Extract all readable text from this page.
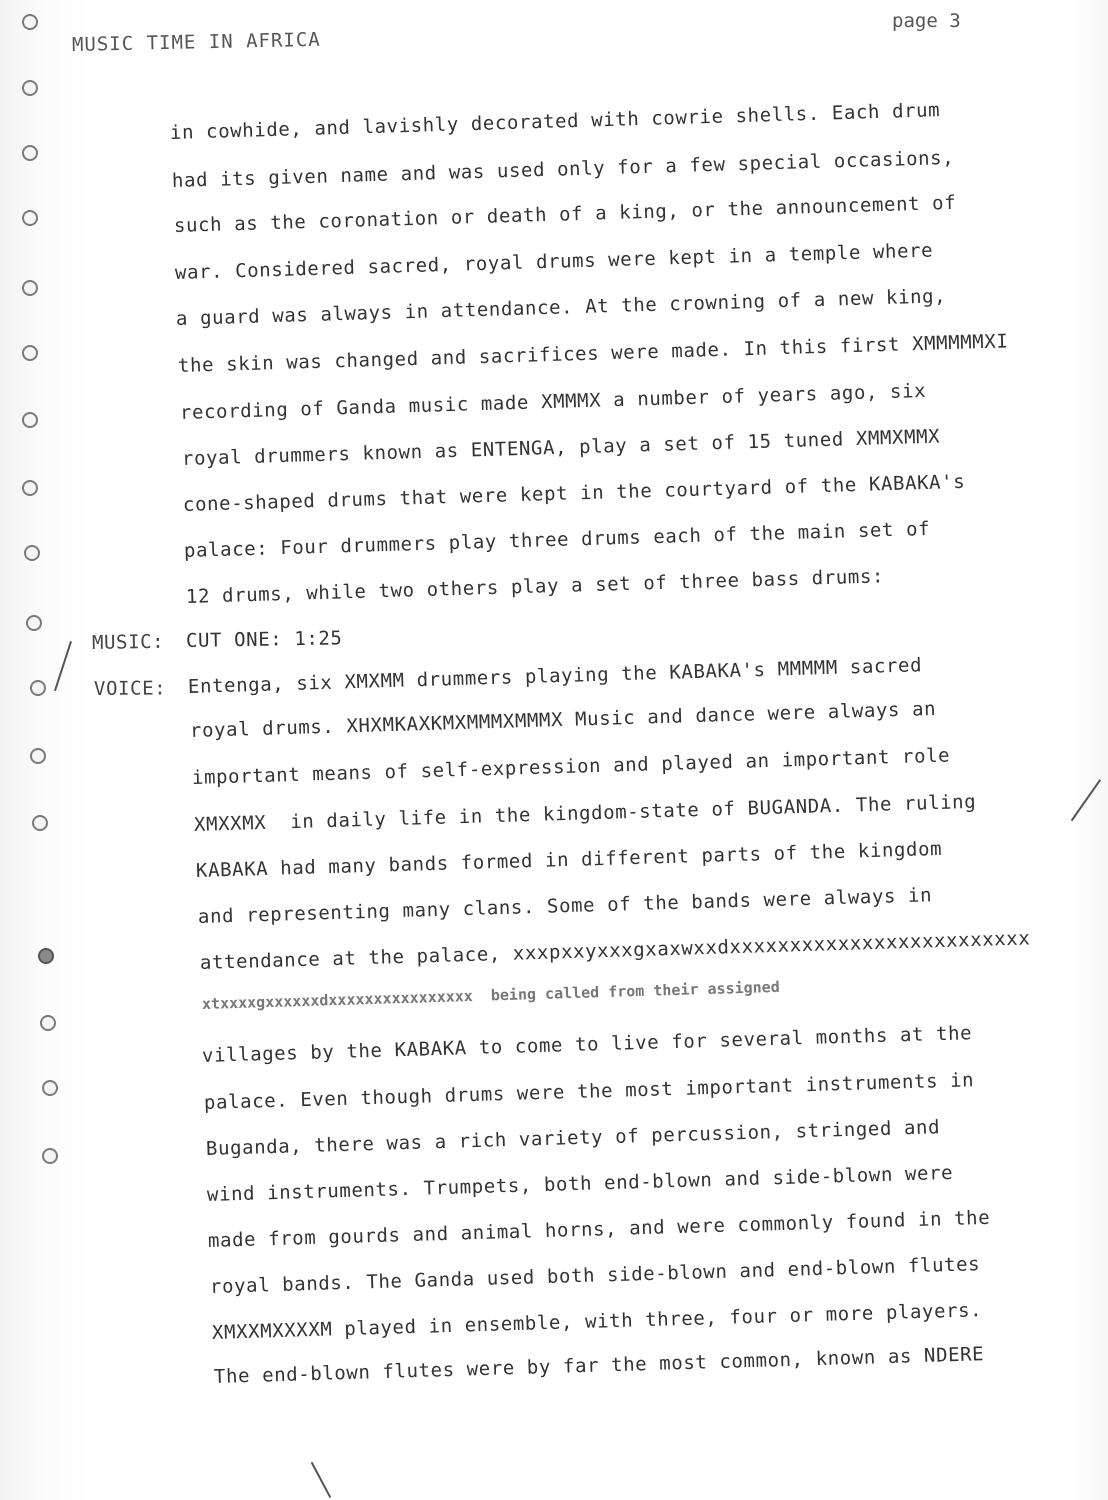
MUSIC TIME IN AFRICA
page 3
in cowhide, and lavishly decorated with cowrie shells. Each drum
had its given name and was used only for a few special occasions,
such as the coronation or death of a king, or the announcement of
war. Considered sacred, royal drums were kept in a temple where
a guard was always in attendance. At the crowning of a new king,
the skin was changed and sacrifices were made. In this first XMMMMMXI
recording of Ganda music made XMMMX a number of years ago, six
royal drummers known as ENTENGA, play a set of 15 tuned XMMXMMX
cone-shaped drums that were kept in the courtyard of the KABAKA's
palace: Four drummers play three drums each of the main set of
12 drums, while two others play a set of three bass drums:
MUSIC: CUT ONE: 1:25
VOICE: Entenga, six XMXMM drummers playing the KABAKA's MMMMM sacred
royal drums. XHXMKAXKMXMMMXMMMX Music and dance were always an
important means of self-expression and played an important role
XMXXMX  in daily life in the kingdom-state of BUGANDA. The ruling
KABAKA had many bands formed in different parts of the kingdom
and representing many clans. Some of the bands were always in
attendance at the palace, xxxpxxyxxxgxaxwxxdxxxxxxxxxxxxxxxxxxxxxxxxx
xtxxxxgxxxxxxdxxxxxxxxxxxxxxxx  being called from their assigned
villages by the KABAKA to come to live for several months at the
palace. Even though drums were the most important instruments in
Buganda, there was a rich variety of percussion, stringed and
wind instruments. Trumpets, both end-blown and side-blown were
made from gourds and animal horns, and were commonly found in the
royal bands. The Ganda used both side-blown and end-blown flutes
XMXXMXXXXM played in ensemble, with three, four or more players.
The end-blown flutes were by far the most common, known as NDERE
